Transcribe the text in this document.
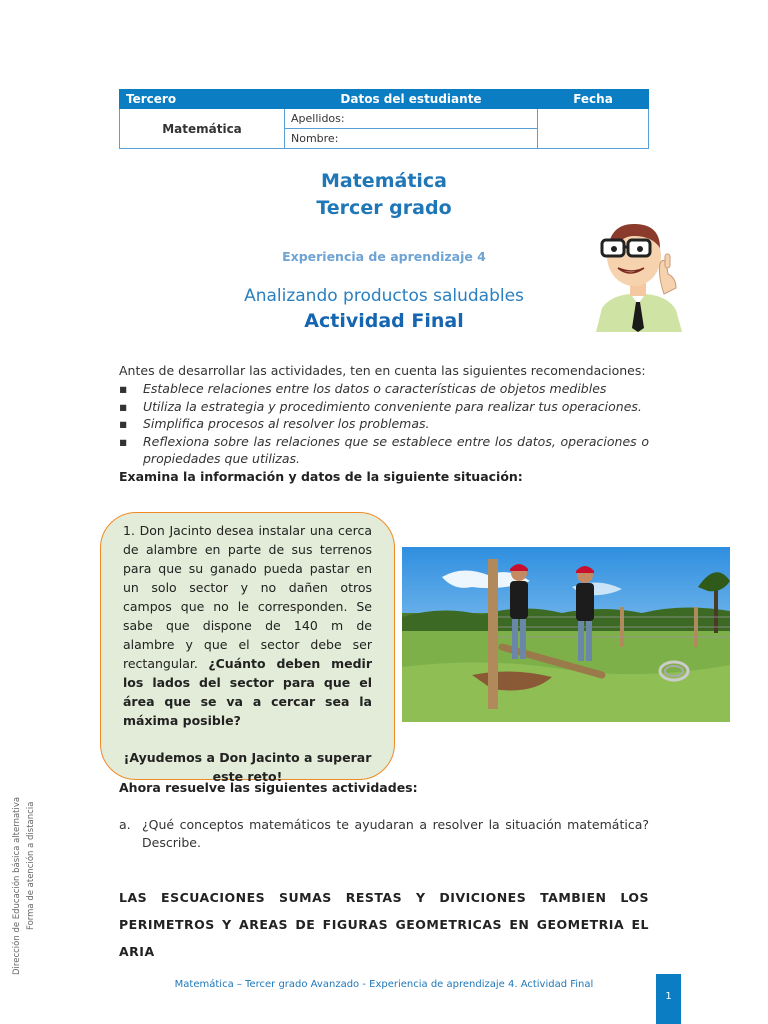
Tercero	Datos del estudiante	Fecha
Matemática	Apellidos:	
	Nombre:	
Matemática
Tercer grado
Experiencia de aprendizaje 4
Analizando productos saludables
Actividad Final
Antes de desarrollar las actividades, ten en cuenta las siguientes recomendaciones:
▪ Establece relaciones entre los datos o características de objetos medibles
▪ Utiliza la estrategia y procedimiento conveniente para realizar tus operaciones.
▪ Simplifica procesos al resolver los problemas.
▪ Reflexiona sobre las relaciones que se establece entre los datos, operaciones o propiedades que utilizas.
Examina la información y datos de la siguiente situación:
1. Don Jacinto desea instalar una cerca de alambre en parte de sus terrenos para que su ganado pueda pastar en un solo sector y no dañen otros campos que no le corresponden. Se sabe que dispone de 140 m de alambre y que el sector debe ser rectangular. ¿Cuánto deben medir los lados del sector para que el área que se va a cercar sea la máxima posible?
¡Ayudemos a Don Jacinto a superar este reto!
Ahora resuelve las siguientes actividades:
a. ¿Qué conceptos matemáticos te ayudaran a resolver la situación matemática? Describe.
LAS ESCUACIONES SUMAS RESTAS Y DIVICIONES TAMBIEN LOS PERIMETROS Y AREAS DE FIGURAS GEOMETRICAS EN GEOMETRIA EL ARIA
Dirección de Educación básica alternativa Forma de atención a distancia
Matemática – Tercer grado Avanzado - Experiencia de aprendizaje 4. Actividad Final
1
